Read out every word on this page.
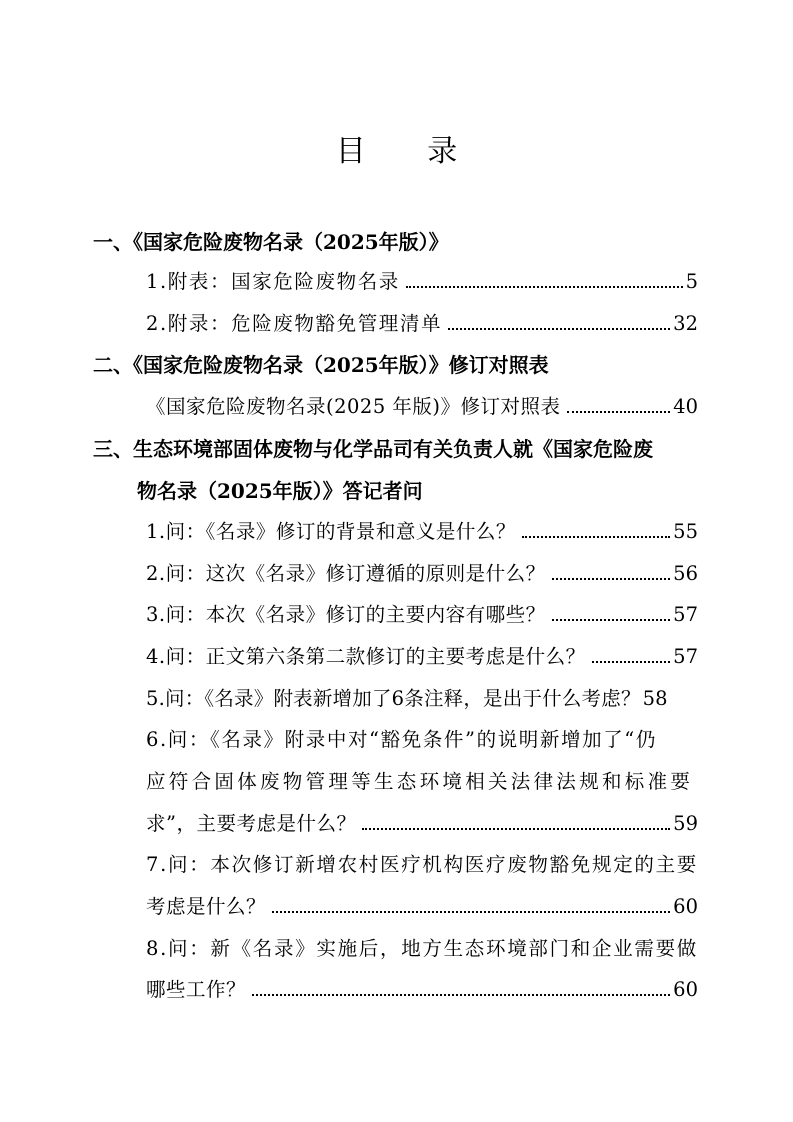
目 录
一、《国家危险废物名录（2025年版）》
1.附表：国家危险废物名录	5
2.附录：危险废物豁免管理清单	32
二、《国家危险废物名录（2025年版）》修订对照表
《国家危险废物名录(2025 年版)》修订对照表	40
三、生态环境部固体废物与化学品司有关负责人就《国家危险废
物名录（2025年版）》答记者问
1.问：《名录》修订的背景和意义是什么？	55
2.问：这次《名录》修订遵循的原则是什么？	56
3.问：本次《名录》修订的主要内容有哪些？	57
4.问：正文第六条第二款修订的主要考虑是什么？	57
5.问：《名录》附表新增加了6条注释，是出于什么考虑？ 58
6.问：《名录》附录中对“豁免条件”的说明新增加了“仍
应符合固体废物管理等生态环境相关法律法规和标准要
求”，主要考虑是什么？	59
7.问：本次修订新增农村医疗机构医疗废物豁免规定的主要
考虑是什么？	60
8.问：新《名录》实施后，地方生态环境部门和企业需要做
哪些工作？	60
